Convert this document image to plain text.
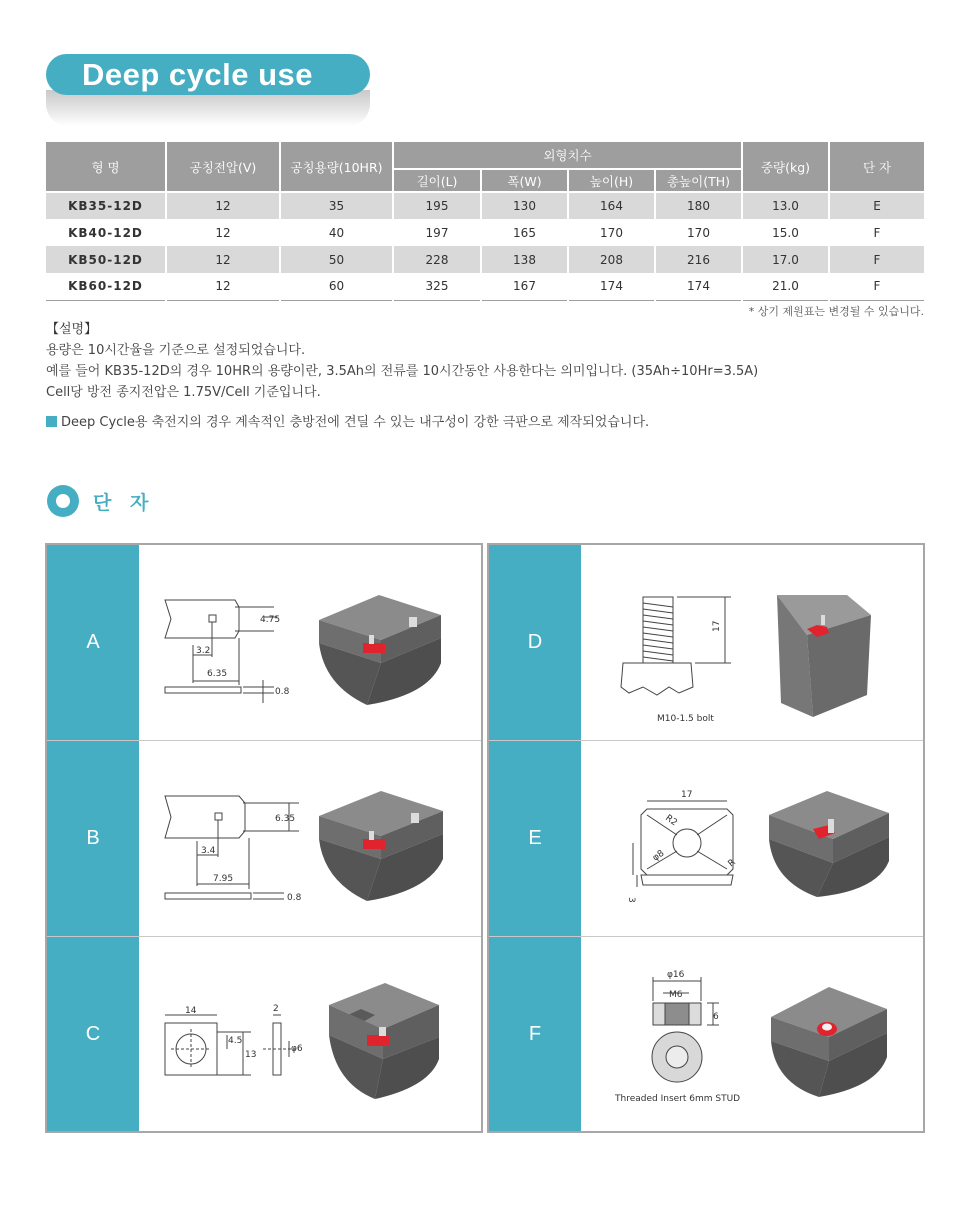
Deep cycle use
형 명	공칭전압(V)	공칭용량(10HR)	외형치수				중량(kg)	단 자
			길이(L)	폭(W)	높이(H)	총높이(TH)		
KB35-12D	12	35	195	130	164	180	13.0	E
KB40-12D	12	40	197	165	170	170	15.0	F
KB50-12D	12	50	228	138	208	216	17.0	F
KB60-12D	12	60	325	167	174	174	21.0	F
* 상기 제원표는 변경될 수 있습니다.
【설명】
용량은 10시간율을 기준으로 설정되었습니다.
예를 들어 KB35-12D의 경우 10HR의 용량이란, 3.5Ah의 전류를 10시간동안 사용한다는 의미입니다. (35Ah÷10Hr=3.5A)
Cell당 방전 종지전압은 1.75V/Cell 기준입니다.
Deep Cycle용 축전지의 경우 계속적인 충방전에 견딜 수 있는 내구성이 강한 극판으로 제작되었습니다.
단 자
A
4.75
3.2
6.35
0.8
B
6.35
3.4
7.95
0.8
C
14
4.5
13
2
φ6
D
17
M10-1.5 bolt
E
17
R2
φ8	R
3
F
φ16
M6
6
Threaded Insert 6mm STUD
